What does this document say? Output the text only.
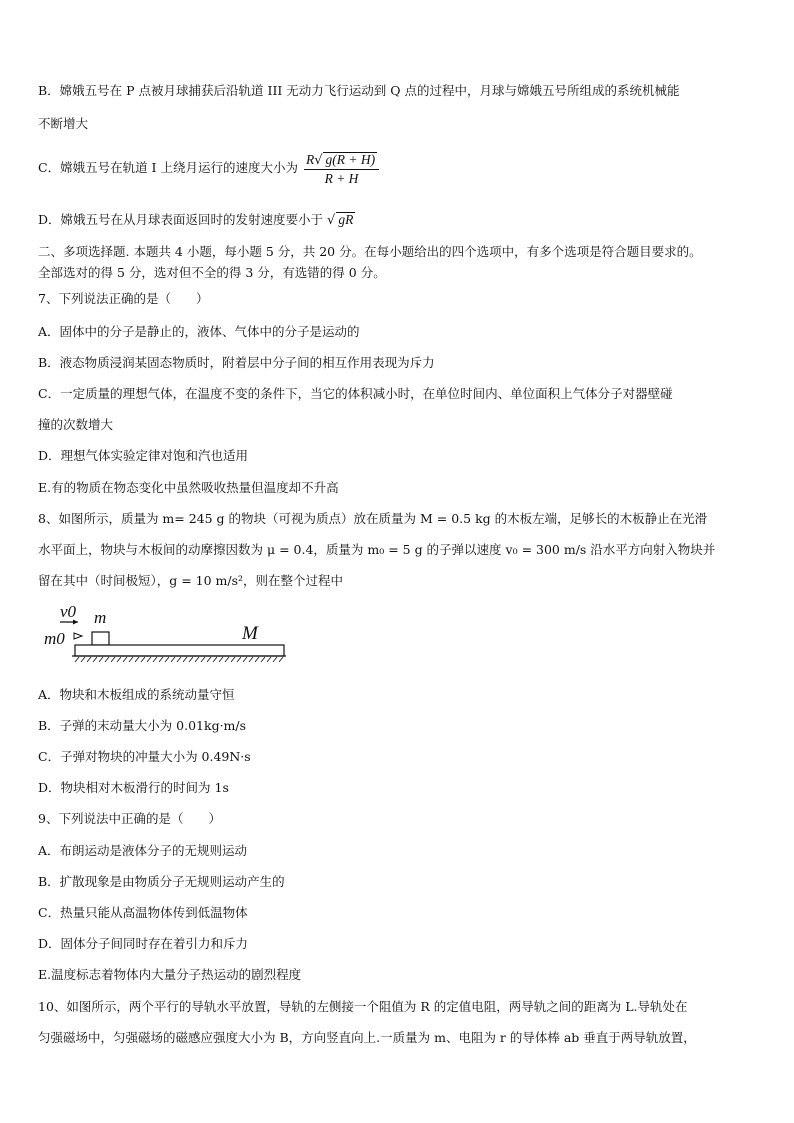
B．嫦娥五号在 P 点被月球捕获后沿轨道 III 无动力飞行运动到 Q 点的过程中，月球与嫦娥五号所组成的系统机械能
不断增大
C．嫦娥五号在轨道 I 上绕月运行的速度大小为 $\frac{R√ g(R + H)}{R + H}$
D．嫦娥五号在从月球表面返回时的发射速度要小于 √ gR
二、多项选择题. 本题共 4 小题，每小题 5 分，共 20 分。在每小题给出的四个选项中，有多个选项是符合题目要求的。
全部选对的得 5 分，选对但不全的得 3 分，有选错的得 0 分。
7、下列说法正确的是（　　）
A．固体中的分子是静止的，液体、气体中的分子是运动的
B．液态物质浸润某固态物质时，附着层中分子间的相互作用表现为斥力
C．一定质量的理想气体，在温度不变的条件下，当它的体积减小时，在单位时间内、单位面积上气体分子对器壁碰
撞的次数增大
D．理想气体实验定律对饱和汽也适用
E.有的物质在物态变化中虽然吸收热量但温度却不升高
8、如图所示，质量为 m= 245 g 的物块（可视为质点）放在质量为 M = 0.5 kg 的木板左端，足够长的木板静止在光滑
水平面上，物块与木板间的动摩擦因数为 μ = 0.4，质量为 m₀ = 5 g 的子弹以速度 v₀ = 300 m/s 沿水平方向射入物块并
留在其中（时间极短），g = 10 m/s²，则在整个过程中
v0 m
m0	M
A．物块和木板组成的系统动量守恒
B．子弹的末动量大小为 0.01kg·m/s
C．子弹对物块的冲量大小为 0.49N·s
D．物块相对木板滑行的时间为 1s
9、下列说法中正确的是（　　）
A．布朗运动是液体分子的无规则运动
B．扩散现象是由物质分子无规则运动产生的
C．热量只能从高温物体传到低温物体
D．固体分子间同时存在着引力和斥力
E.温度标志着物体内大量分子热运动的剧烈程度
10、如图所示，两个平行的导轨水平放置，导轨的左侧接一个阻值为 R 的定值电阻，两导轨之间的距离为 L.导轨处在
匀强磁场中，匀强磁场的磁感应强度大小为 B，方向竖直向上.一质量为 m、电阻为 r 的导体棒 ab 垂直于两导轨放置，
